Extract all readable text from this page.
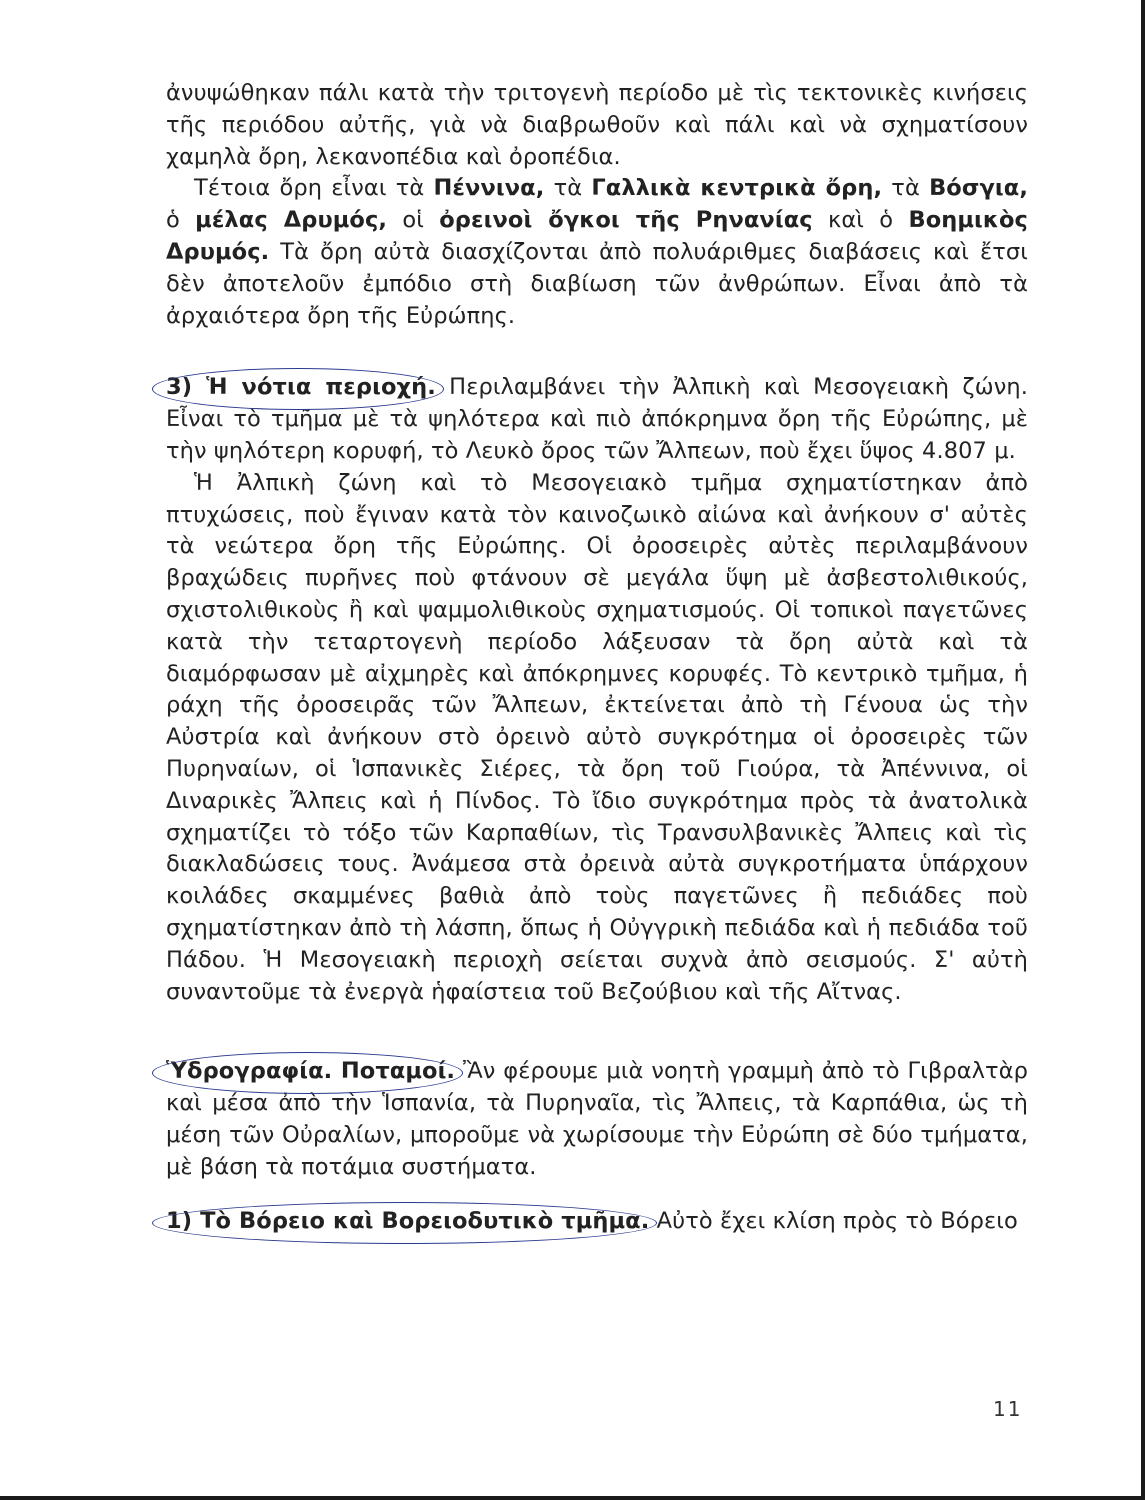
ἀνυψώθηκαν πάλι κατὰ τὴν τριτογενὴ περίοδο μὲ τὶς τεκτονικὲς κινήσεις τῆς περιόδου αὐτῆς, γιὰ νὰ διαβρωθοῦν καὶ πάλι καὶ νὰ σχηματίσουν χαμηλὰ ὄρη, λεκανοπέδια καὶ ὀροπέδια.

Τέτοια ὄρη εἶναι τὰ Πέννινα, τὰ Γαλλικὰ κεντρικὰ ὄρη, τὰ Βόσγια, ὁ μέλας Δρυμός, οἱ ὀρεινοὶ ὄγκοι τῆς Ρηνανίας καὶ ὁ Βοημικὸς Δρυμός. Τὰ ὄρη αὐτὰ διασχίζονται ἀπὸ πολυάριθμες διαβάσεις καὶ ἔτσι δὲν ἀποτελοῦν ἐμπόδιο στὴ διαβίωση τῶν ἀνθρώπων. Εἶναι ἀπὸ τὰ ἀρχαιότερα ὄρη τῆς Εὐρώπης.

3) Ἡ νότια περιοχή.
Περιλαμβάνει τὴν Ἀλπικὴ καὶ Μεσογειακὴ ζώνη. Εἶναι τὸ τμῆμα μὲ τὰ ψηλότερα καὶ πιὸ ἀπόκρημνα ὄρη τῆς Εὐρώπης, μὲ τὴν ψηλότερη κορυφή, τὸ Λευκὸ ὄρος τῶν Ἄλπεων, ποὺ ἔχει ὕψος 4.807 μ.

Ἡ Ἀλπικὴ ζώνη καὶ τὸ Μεσογειακὸ τμῆμα σχηματίστηκαν ἀπὸ πτυχώσεις, ποὺ ἔγιναν κατὰ τὸν καινοζωικὸ αἰώνα καὶ ἀνήκουν σ' αὐτὲς τὰ νεώτερα ὄρη τῆς Εὐρώπης. Οἱ ὀροσειρὲς αὐτὲς περιλαμβάνουν βραχώδεις πυρῆνες ποὺ φτάνουν σὲ μεγάλα ὕψη μὲ ἀσβεστολιθικούς, σχιστολιθικοὺς ἢ καὶ ψαμμολιθικοὺς σχηματισμούς. Οἱ τοπικοὶ παγετῶνες κατὰ τὴν τεταρτογενὴ περίοδο λάξευσαν τὰ ὄρη αὐτὰ καὶ τὰ διαμόρφωσαν μὲ αἰχμηρὲς καὶ ἀπόκρημνες κορυφές. Τὸ κεντρικὸ τμῆμα, ἡ ράχη τῆς ὀροσειρᾶς τῶν Ἄλπεων, ἐκτείνεται ἀπὸ τὴ Γένουα ὡς τὴν Αὐστρία καὶ ἀνήκουν στὸ ὀρεινὸ αὐτὸ συγκρότημα οἱ ὀροσειρὲς τῶν Πυρηναίων, οἱ Ἱσπανικὲς Σιέρες, τὰ ὄρη τοῦ Γιούρα, τὰ Ἀπέννινα, οἱ Διναρικὲς Ἄλπεις καὶ ἡ Πίνδος. Τὸ ἴδιο συγκρότημα πρὸς τὰ ἀνατολικὰ σχηματίζει τὸ τόξο τῶν Καρπαθίων, τὶς Τρανσυλβανικὲς Ἄλπεις καὶ τὶς διακλαδώσεις τους. Ἀνάμεσα στὰ ὀρεινὰ αὐτὰ συγκροτήματα ὑπάρχουν κοιλάδες σκαμμένες βαθιὰ ἀπὸ τοὺς παγετῶνες ἢ πεδιάδες ποὺ σχηματίστηκαν ἀπὸ τὴ λάσπη, ὅπως ἡ Οὐγγρικὴ πεδιάδα καὶ ἡ πεδιάδα τοῦ Πάδου. Ἡ Μεσογειακὴ περιοχὴ σείεται συχνὰ ἀπὸ σεισμούς. Σ' αὐτὴ συναντοῦμε τὰ ἐνεργὰ ἡφαίστεια τοῦ Βεζούβιου καὶ τῆς Αἴτνας.

Ὑδρογραφία. Ποταμοί.
Ἂν φέρουμε μιὰ νοητὴ γραμμὴ ἀπὸ τὸ Γιβραλτὰρ καὶ μέσα ἀπὸ τὴν Ἱσπανία, τὰ Πυρηναῖα, τὶς Ἄλπεις, τὰ Καρπάθια, ὡς τὴ μέση τῶν Οὐραλίων, μποροῦμε νὰ χωρίσουμε τὴν Εὐρώπη σὲ δύο τμήματα, μὲ βάση τὰ ποτάμια συστήματα.

1) Τὸ Βόρειο καὶ Βορειοδυτικὸ τμῆμα.
Αὐτὸ ἔχει κλίση πρὸς τὸ Βόρειο

11
